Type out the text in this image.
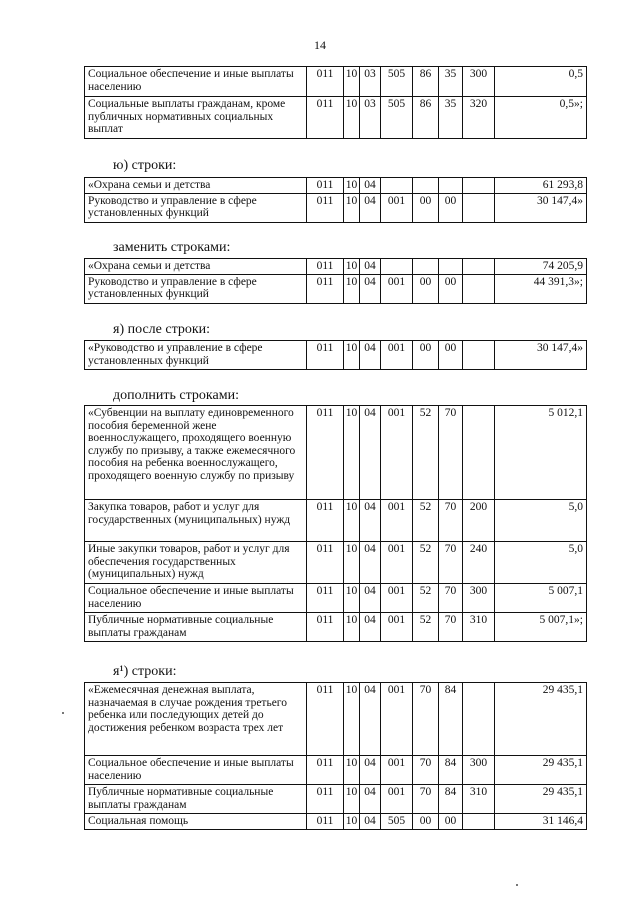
14
Социальное обеспечение и иные выплаты населению	011	10	03	505	86	35	300	0,5
Социальные выплаты гражданам, кроме публичных нормативных социальных выплат	011	10	03	505	86	35	320	0,5»;
ю) строки:
«Охрана семьи и детства	011	10	04					61 293,8
Руководство и управление в сфере установленных функций	011	10	04	001	00	00		30 147,4»
заменить строками:
«Охрана семьи и детства	011	10	04					74 205,9
Руководство и управление в сфере установленных функций	011	10	04	001	00	00		44 391,3»;
я) после строки:
«Руководство и управление в сфере установленных функций	011	10	04	001	00	00		30 147,4»
дополнить строками:
«Субвенции на выплату единовременного пособия беременной жене военнослужащего, проходящего военную службу по призыву, а также ежемесячного пособия на ребенка военнослужащего, проходящего военную службу по призыву	011	10	04	001	52	70		5 012,1
Закупка товаров, работ и услуг для государственных (муниципальных) нужд	011	10	04	001	52	70	200	5,0
Иные закупки товаров, работ и услуг для обеспечения государственных (муниципальных) нужд	011	10	04	001	52	70	240	5,0
Социальное обеспечение и иные выплаты населению	011	10	04	001	52	70	300	5 007,1
Публичные нормативные социальные выплаты гражданам	011	10	04	001	52	70	310	5 007,1»;
я¹) строки:
«Ежемесячная денежная выплата, назначаемая в случае рождения третьего ребенка или последующих детей до достижения ребенком возраста трех лет	011	10	04	001	70	84		29 435,1
Социальное обеспечение и иные выплаты населению	011	10	04	001	70	84	300	29 435,1
Публичные нормативные социальные выплаты гражданам	011	10	04	001	70	84	310	29 435,1
Социальная помощь	011	10	04	505	00	00		31 146,4
